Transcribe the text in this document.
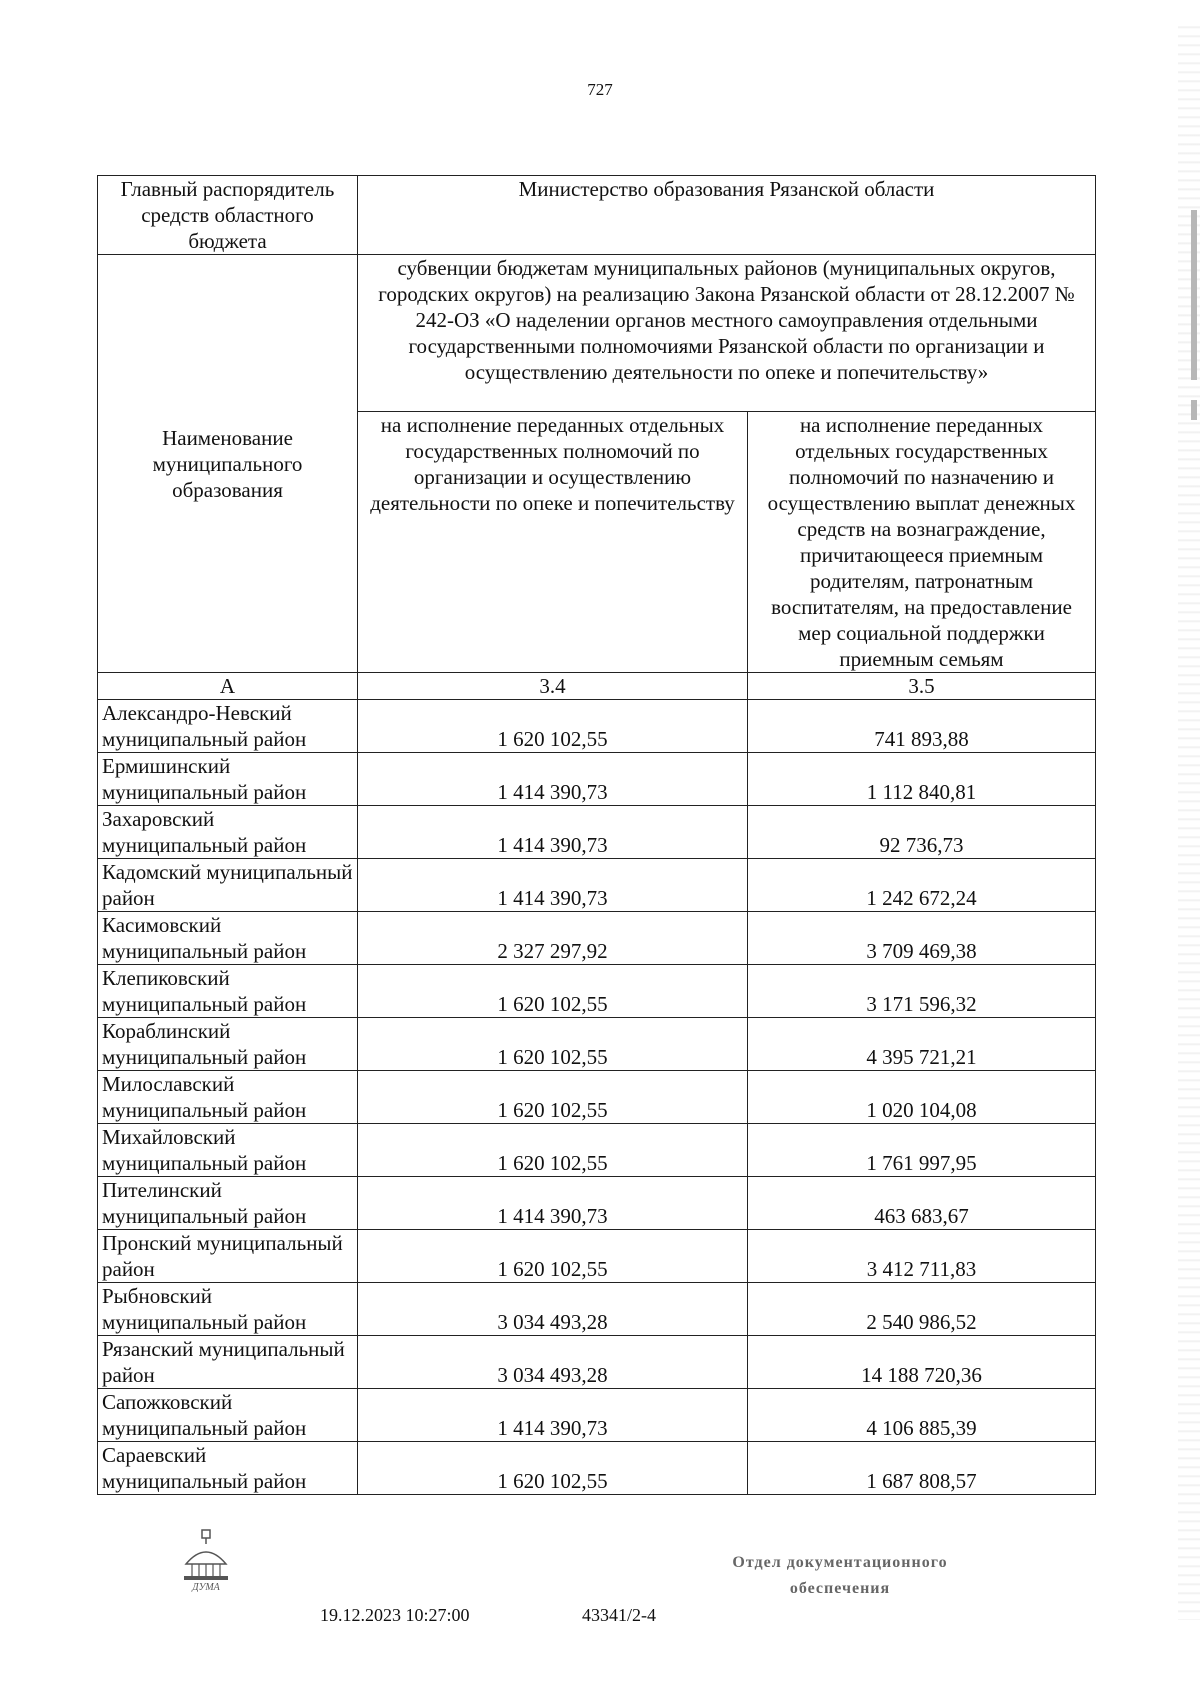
727
Главный распорядитель средств областного бюджета	Министерство образования Рязанской области	
Наименование муниципального образования	субвенции бюджетам муниципальных районов (муниципальных округов, городских округов) на реализацию Закона Рязанской области от 28.12.2007 № 242-ОЗ «О наделении органов местного самоуправления отдельными государственными полномочиями Рязанской области по организации и осуществлению деятельности по опеке и попечительству»	
	на исполнение переданных отдельных государственных полномочий по организации и осуществлению деятельности по опеке и попечительству	на исполнение переданных отдельных государственных полномочий по назначению и осуществлению выплат денежных средств на вознаграждение, причитающееся приемным родителям, патронатным воспитателям, на предоставление мер социальной поддержки приемным семьям
А	3.4	3.5
Александро-Невский муниципальный район	1 620 102,55	741 893,88
Ермишинский муниципальный район	1 414 390,73	1 112 840,81
Захаровский муниципальный район	1 414 390,73	92 736,73
Кадомский муниципальный район	1 414 390,73	1 242 672,24
Касимовский муниципальный район	2 327 297,92	3 709 469,38
Клепиковский муниципальный район	1 620 102,55	3 171 596,32
Кораблинский муниципальный район	1 620 102,55	4 395 721,21
Милославский муниципальный район	1 620 102,55	1 020 104,08
Михайловский муниципальный район	1 620 102,55	1 761 997,95
Пителинский муниципальный район	1 414 390,73	463 683,67
Пронский муниципальный район	1 620 102,55	3 412 711,83
Рыбновский муниципальный район	3 034 493,28	2 540 986,52
Рязанский муниципальный район	3 034 493,28	14 188 720,36
Сапожковский муниципальный район	1 414 390,73	4 106 885,39
Сараевский муниципальный район	1 620 102,55	1 687 808,57
ДУМА
19.12.2023 10:27:00	43341/2-4
Отдел документационного
обеспечения
